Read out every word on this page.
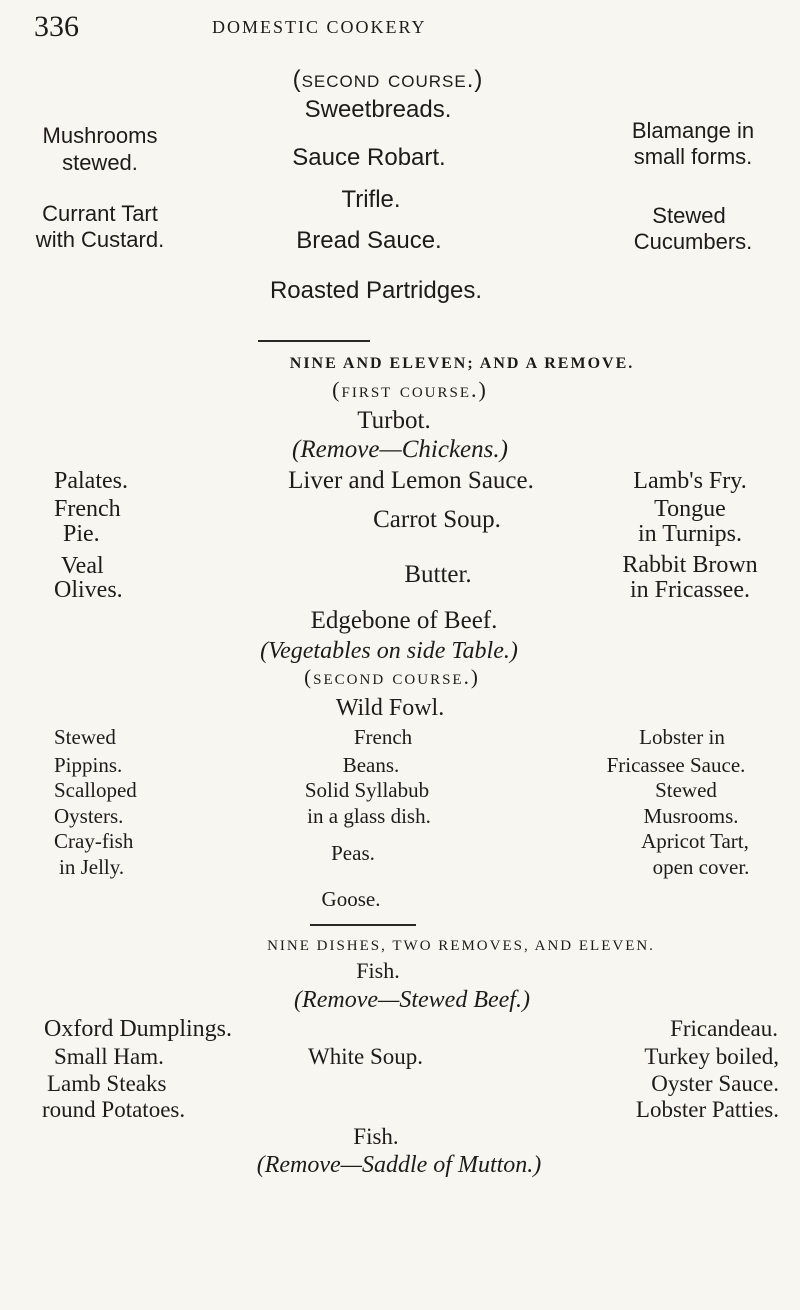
336	DOMESTIC COOKERY
(second course.)
Sweetbreads.
Sauce Robart.
Trifle.
Bread Sauce.
Roasted Partridges.
Mushrooms
stewed.
Currant Tart
with Custard.
Blamange in
small forms.
Stewed
Cucumbers.
NINE AND ELEVEN; AND A REMOVE.
(first course.)
Turbot.
(Remove—Chickens.)
Palates.
French
Pie.
Veal
Olives.
Liver and Lemon Sauce.
Carrot Soup.
Butter.
Edgebone of Beef.
Lamb's Fry.
Tongue
in Turnips.
Rabbit Brown
in Fricassee.
(Vegetables on side Table.)
(second course.)
Wild Fowl.
Stewed
Pippins.
Scalloped
Oysters.
Cray-fish
in Jelly.
French
Beans.
Solid Syllabub
in a glass dish.
Peas.
Goose.
Lobster in
Fricassee Sauce.
Stewed
Musrooms.
Apricot Tart,
open cover.
NINE DISHES, TWO REMOVES, AND ELEVEN.
Fish.
(Remove—Stewed Beef.)
Oxford Dumplings.
Small Ham.
Lamb Steaks
round Potatoes.
White Soup.
Fricandeau.
Turkey boiled,
Oyster Sauce.
Lobster Patties.
Fish.
(Remove—Saddle of Mutton.)
